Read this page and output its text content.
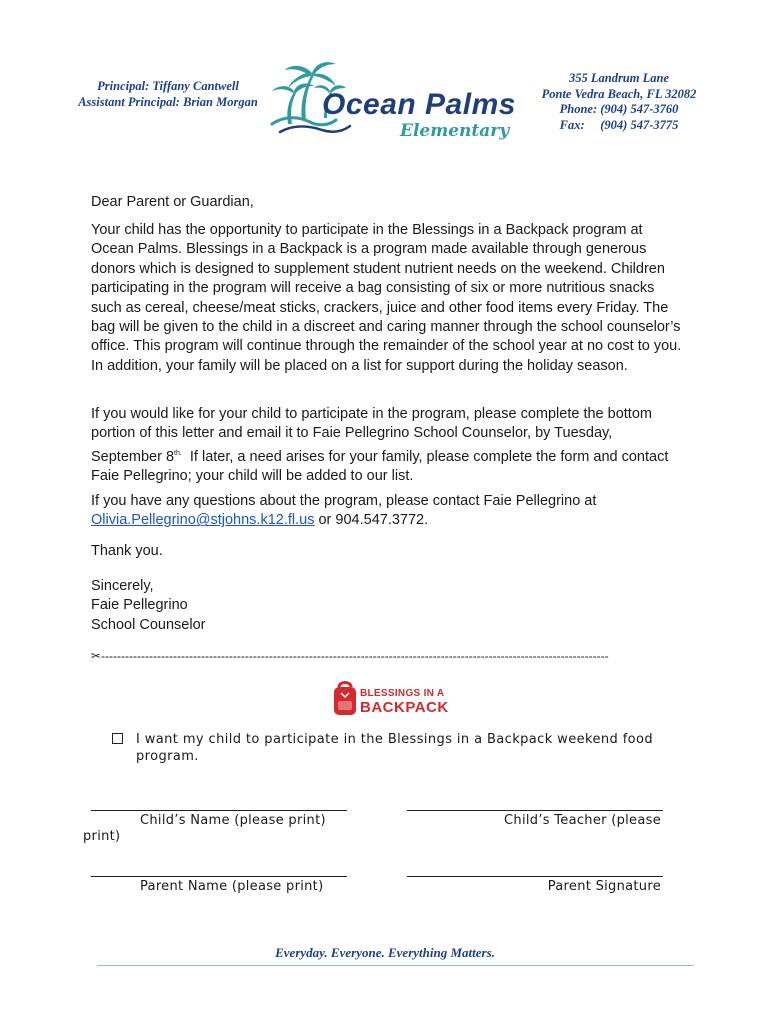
Principal: Tiffany Cantwell
Assistant Principal: Brian Morgan Ocean Palms
Elementary
355 Landrum Lane
Ponte Vedra Beach, FL 32082
Phone: (904) 547-3760
Fax:     (904) 547-3775
Dear Parent or Guardian,

Your child has the opportunity to participate in the Blessings in a Backpack program at Ocean Palms. Blessings in a Backpack is a program made available through generous donors which is designed to supplement student nutrient needs on the weekend. Children participating in the program will receive a bag consisting of six or more nutritious snacks such as cereal, cheese/meat sticks, crackers, juice and other food items every Friday. The bag will be given to the child in a discreet and caring manner through the school counselor’s office. This program will continue through the remainder of the school year at no cost to you. In addition, your family will be placed on a list for support during the holiday season.

If you would like for your child to participate in the program, please complete the bottom portion of this letter and email it to Faie Pellegrino School Counselor, by Tuesday, September $8^{th.}$  If later, a need arises for your family, please complete the form and contact Faie Pellegrino; your child will be added to our list.

If you have any questions about the program, please contact Faie Pellegrino at Olivia.Pellegrino@stjohns.k12.fl.us or 904.547.3772.

Thank you.

Sincerely,

Faie Pellegrino

School Counselor

✂-------------------------------------------------------------------------------------------------------------------------------
BLESSINGS IN A
BACKPACK
I want my child to participate in the Blessings in a Backpack weekend food program.
Child’s Name (please print)	Child’s Teacher (please
print)
Parent Name (please print)	Parent Signature
Everyday. Everyone. Everything Matters.
